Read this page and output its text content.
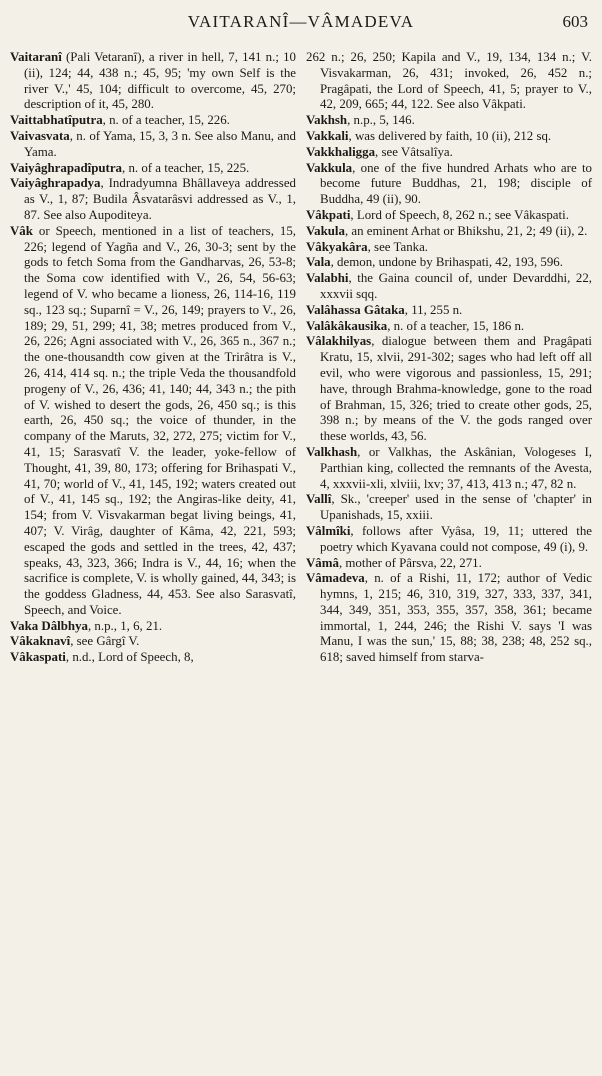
VAITARANÎ—VÂMADEVA	603

Vaitaranî (Pali Vetaranî), a river in hell, 7, 141 n.; 10 (ii), 124; 44, 438 n.; 45, 95; 'my own Self is the river V.,' 45, 104; difficult to overcome, 45, 270; description of it, 45, 280.

Vaittabhatîputra, n. of a teacher, 15, 226.

Vaivasvata, n. of Yama, 15, 3, 3 n. See also Manu, and Yama.

Vaiyâghrapadîputra, n. of a teacher, 15, 225.

Vaiyâghrapadya, Indradyumna Bhâllaveya addressed as V., 1, 87; Budila Âsvatarâsvi addressed as V., 1, 87. See also Aupoditeya.

Vâk or Speech, mentioned in a list of teachers, 15, 226; legend of Yagña and V., 26, 30-3; sent by the gods to fetch Soma from the Gandharvas, 26, 53-8; the Soma cow identified with V., 26, 54, 56-63; legend of V. who became a lioness, 26, 114-16, 119 sq., 123 sq.; Suparnî = V., 26, 149; prayers to V., 26, 189; 29, 51, 299; 41, 38; metres produced from V., 26, 226; Agni associated with V., 26, 365 n., 367 n.; the one-thousandth cow given at the Trirâtra is V., 26, 414, 414 sq. n.; the triple Veda the thousandfold progeny of V., 26, 436; 41, 140; 44, 343 n.; the pith of V. wished to desert the gods, 26, 450 sq.; is this earth, 26, 450 sq.; the voice of thunder, in the company of the Maruts, 32, 272, 275; victim for V., 41, 15; Sarasvatî V. the leader, yoke-fellow of Thought, 41, 39, 80, 173; offering for Brihaspati V., 41, 70; world of V., 41, 145, 192; waters created out of V., 41, 145 sq., 192; the Angiras-like deity, 41, 154; from V. Visvakarman begat living beings, 41, 407; V. Virâg, daughter of Kâma, 42, 221, 593; escaped the gods and settled in the trees, 42, 437; speaks, 43, 323, 366; Indra is V., 44, 16; when the sacrifice is complete, V. is wholly gained, 44, 343; is the goddess Gladness, 44, 453. See also Sarasvatî, Speech, and Voice.

Vaka Dâlbhya, n.p., 1, 6, 21.

Vâkaknavî, see Gârgî V.

Vâkaspati, n.d., Lord of Speech, 8,

262 n.; 26, 250; Kapila and V., 19, 134, 134 n.; V. Visvakarman, 26, 431; invoked, 26, 452 n.; Pragâpati, the Lord of Speech, 41, 5; prayer to V., 42, 209, 665; 44, 122. See also Vâkpati.

Vakhsh, n.p., 5, 146.

Vakkali, was delivered by faith, 10 (ii), 212 sq.

Vakkhaligga, see Vâtsalîya.

Vakkula, one of the five hundred Arhats who are to become future Buddhas, 21, 198; disciple of Buddha, 49 (ii), 90.

Vâkpati, Lord of Speech, 8, 262 n.; see Vâkaspati.

Vakula, an eminent Arhat or Bhikshu, 21, 2; 49 (ii), 2.

Vâkyakâra, see Tanka.

Vala, demon, undone by Brihaspati, 42, 193, 596.

Valabhi, the Gaina council of, under Devarddhi, 22, xxxvii sqq.

Valâhassa Gâtaka, 11, 255 n.

Valâkâkausika, n. of a teacher, 15, 186 n.

Vâlakhilyas, dialogue between them and Pragâpati Kratu, 15, xlvii, 291-302; sages who had left off all evil, who were vigorous and passionless, 15, 291; have, through Brahma-knowledge, gone to the road of Brahman, 15, 326; tried to create other gods, 25, 398 n.; by means of the V. the gods ranged over these worlds, 43, 56.

Valkhash, or Valkhas, the Askânian, Vologeses I, Parthian king, collected the remnants of the Avesta, 4, xxxvii-xli, xlviii, lxv; 37, 413, 413 n.; 47, 82 n.

Vallî, Sk., 'creeper' used in the sense of 'chapter' in Upanishads, 15, xxiii.

Vâlmîki, follows after Vyâsa, 19, 11; uttered the poetry which Kyavana could not compose, 49 (i), 9.

Vâmâ, mother of Pârsva, 22, 271.

Vâmadeva, n. of a Rishi, 11, 172; author of Vedic hymns, 1, 215; 46, 310, 319, 327, 333, 337, 341, 344, 349, 351, 353, 355, 357, 358, 361; became immortal, 1, 244, 246; the Rishi V. says 'I was Manu, I was the sun,' 15, 88; 38, 238; 48, 252 sq., 618; saved himself from starva-
